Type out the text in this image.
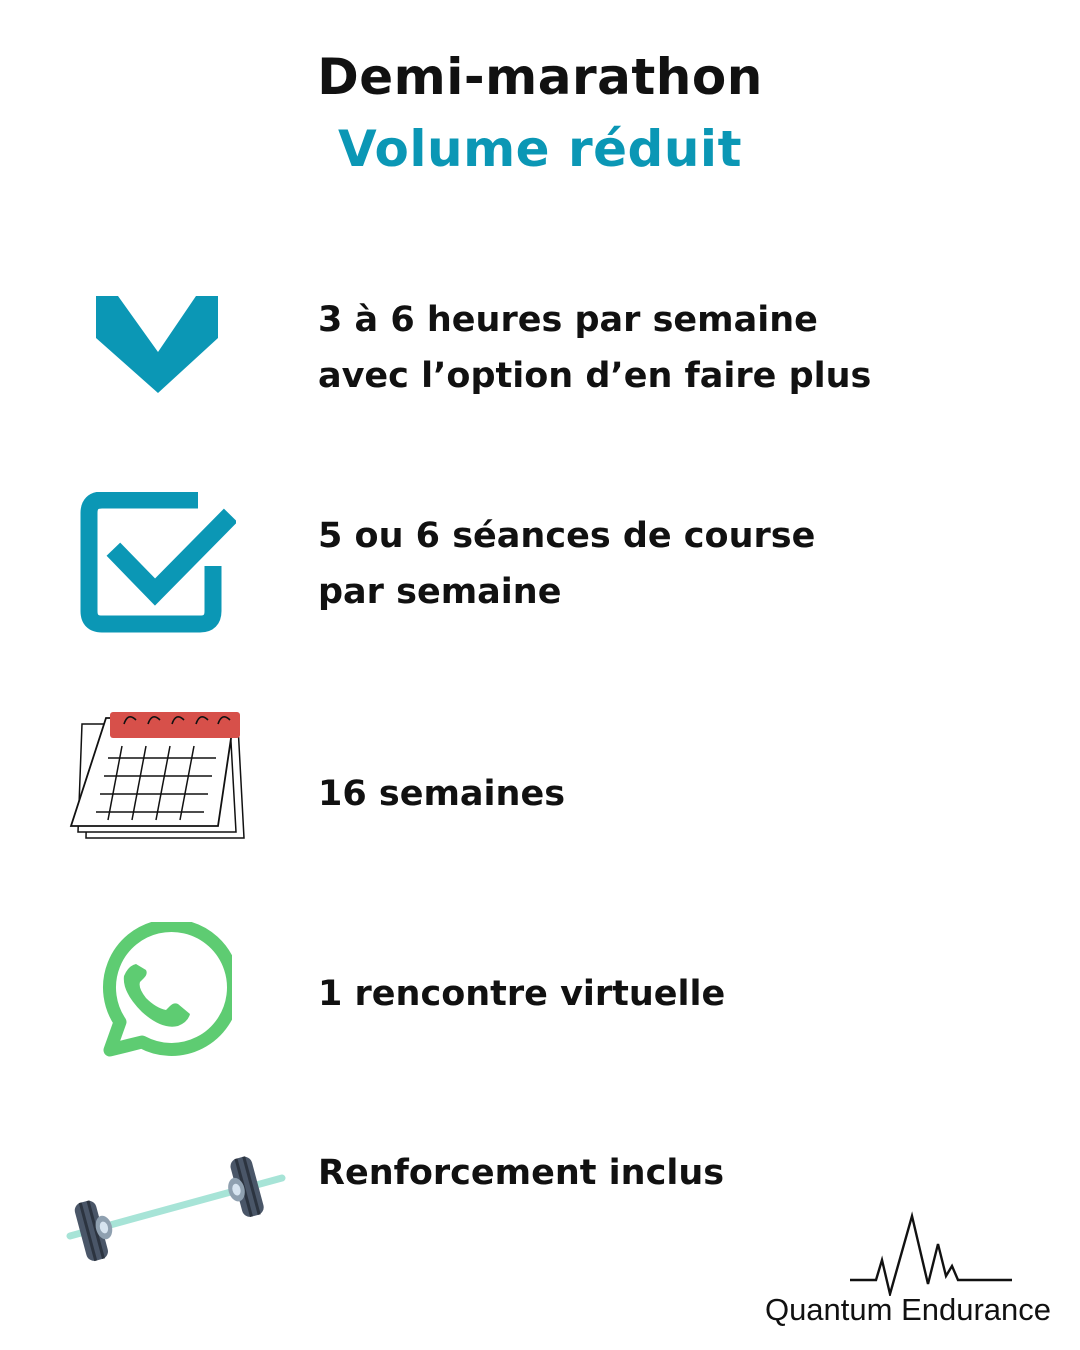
Demi-marathon
Volume réduit
3 à 6 heures par semaine
avec l’option d’en faire plus
5 ou 6 séances de course
par semaine
16 semaines
1 rencontre virtuelle
Renforcement inclus
Quantum Endurance
